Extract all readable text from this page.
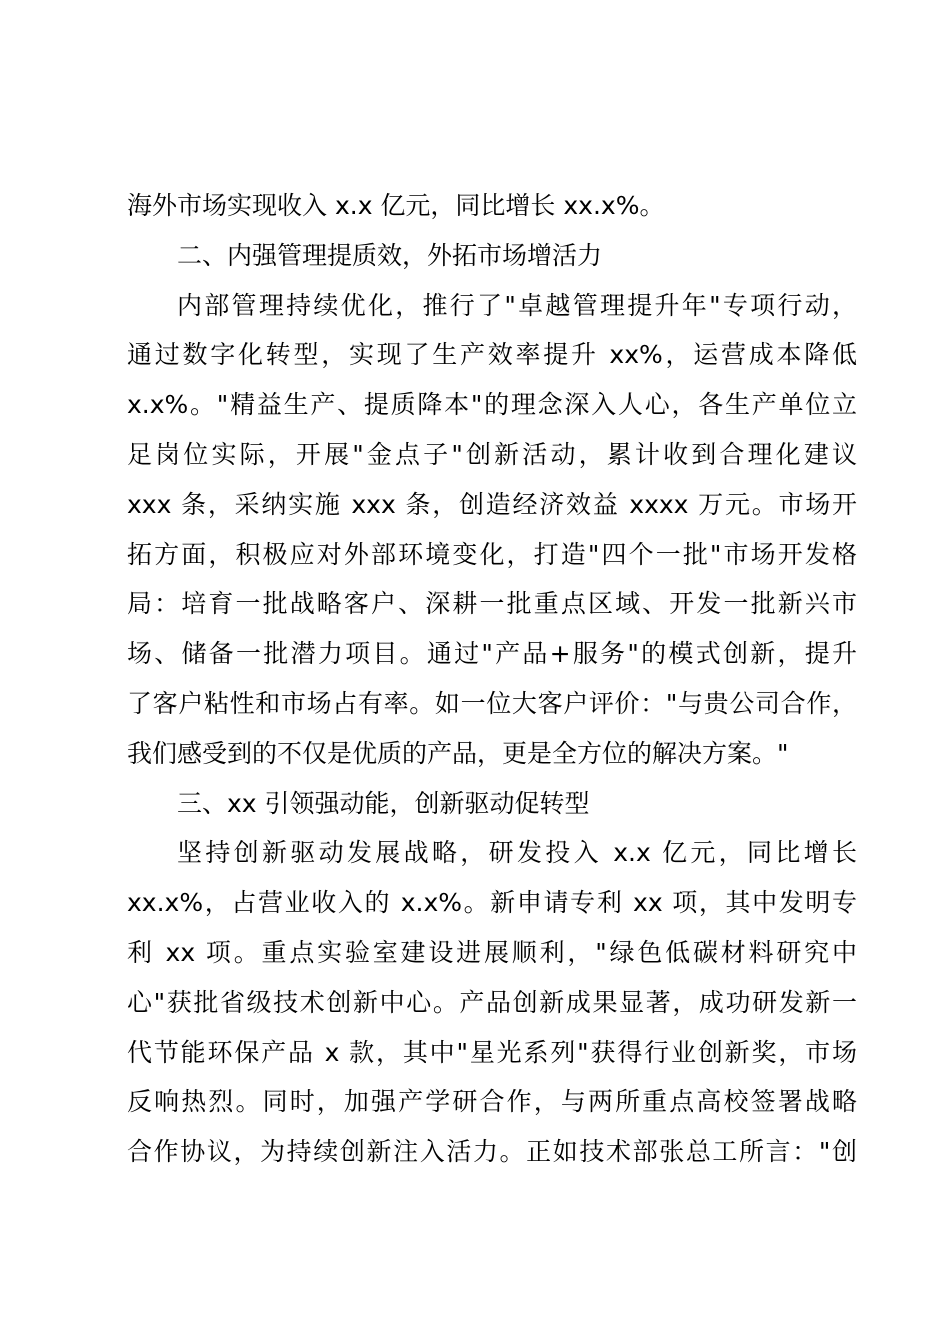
海外市场实现收入 x.x 亿元，同比增长 xx.x%。
二、内强管理提质效，外拓市场增活力
内部管理持续优化，推行了"卓越管理提升年"专项行动，
通过数字化转型，实现了生产效率提升 xx%，运营成本降低
x.x%。"精益生产、提质降本"的理念深入人心，各生产单位立
足岗位实际，开展"金点子"创新活动，累计收到合理化建议
xxx 条，采纳实施 xxx 条，创造经济效益 xxxx 万元。市场开
拓方面，积极应对外部环境变化，打造"四个一批"市场开发格
局：培育一批战略客户、深耕一批重点区域、开发一批新兴市
场、储备一批潜力项目。通过"产品+服务"的模式创新，提升
了客户粘性和市场占有率。如一位大客户评价："与贵公司合作，
我们感受到的不仅是优质的产品，更是全方位的解决方案。"
三、xx 引领强动能，创新驱动促转型
坚持创新驱动发展战略，研发投入 x.x 亿元，同比增长
xx.x%，占营业收入的 x.x%。新申请专利 xx 项，其中发明专
利 xx 项。重点实验室建设进展顺利，"绿色低碳材料研究中
心"获批省级技术创新中心。产品创新成果显著，成功研发新一
代节能环保产品 x 款，其中"星光系列"获得行业创新奖，市场
反响热烈。同时，加强产学研合作，与两所重点高校签署战略
合作协议，为持续创新注入活力。正如技术部张总工所言："创
